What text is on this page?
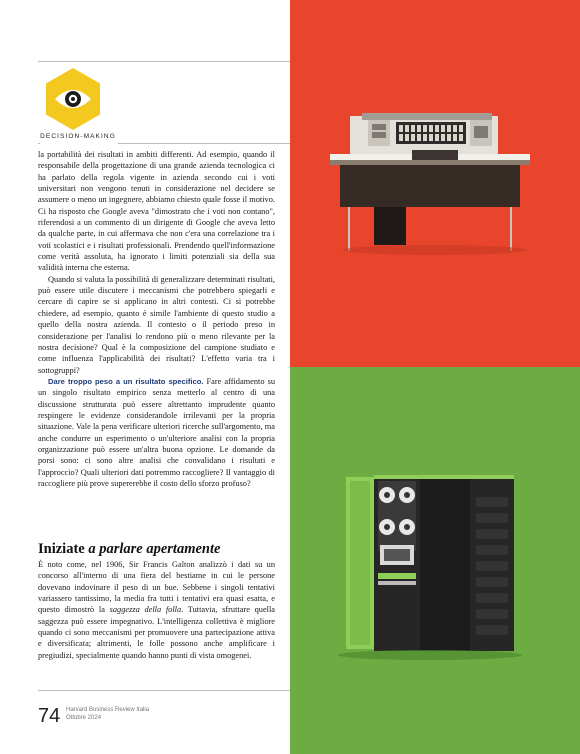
DECISION-MAKING

la portabilità dei risultati in ambiti differenti. Ad esempio, quando il responsabile della progettazione di una grande azienda tecnologica ci ha parlato della regola vigente in azienda secondo cui i voti universitari non vengono tenuti in considerazione nel decidere se assumere o meno un ingegnere, abbiamo chiesto quale fosse il motivo. Ci ha risposto che Google aveva "dimostrato che i voti non contano", riferendosi a un commento di un dirigente di Google che aveva letto da qualche parte, in cui affermava che non c'era una correlazione tra i voti scolastici e i risultati professionali. Prendendo quell'informazione come verità assoluta, ha ignorato i limiti potenziali sia della sua validità interna che esterna.

Quando si valuta la possibilità di generalizzare determinati risultati, può essere utile discutere i meccanismi che potrebbero spiegarli e cercare di capire se si applicano in altri contesti. Ci si potrebbe chiedere, ad esempio, quanto è simile l'ambiente di questo studio a quello della nostra azienda. Il contesto o il periodo preso in considerazione per l'analisi lo rendono più o meno rilevante per la nostra decisione? Qual è la composizione del campione studiato e come influenza l'applicabilità dei risultati? L'effetto varia tra i sottogruppi?

Dare troppo peso a un risultato specifico. Fare affidamento su un singolo risultato empirico senza metterlo al centro di una discussione strutturata può essere altrettanto imprudente quanto respingere le evidenze considerandole irrilevanti per la propria situazione. Vale la pena verificare ulteriori ricerche sull'argomento, ma anche condurre un esperimento o un'ulteriore analisi con la propria organizzazione può essere un'altra buona opzione. Le domande da porsi sono: ci sono altre analisi che convalidano i risultati e l'approccio? Quali ulteriori dati potremmo raccogliere? Il vantaggio di raccogliere più prove supererebbe il costo dello sforzo profuso?

Iniziate a parlare apertamente

È noto come, nel 1906, Sir Francis Galton analizzò i dati su un concorso all'interno di una fiera del bestiame in cui le persone dovevano indovinare il peso di un bue. Sebbene i singoli tentativi variassero tantissimo, la media fra tutti i tentativi era quasi esatta, e questo dimostrò la saggezza della folla. Tuttavia, sfruttare quella saggezza può essere impegnativo. L'intelligenza collettiva è migliore quando ci sono meccanismi per promuovere una partecipazione attiva e diversificata; altrimenti, le folle possono anche amplificare i pregiudizi, specialmente quando hanno punti di vista omogenei.

74 Harvard Business Review Italia
Ottobre 2024
